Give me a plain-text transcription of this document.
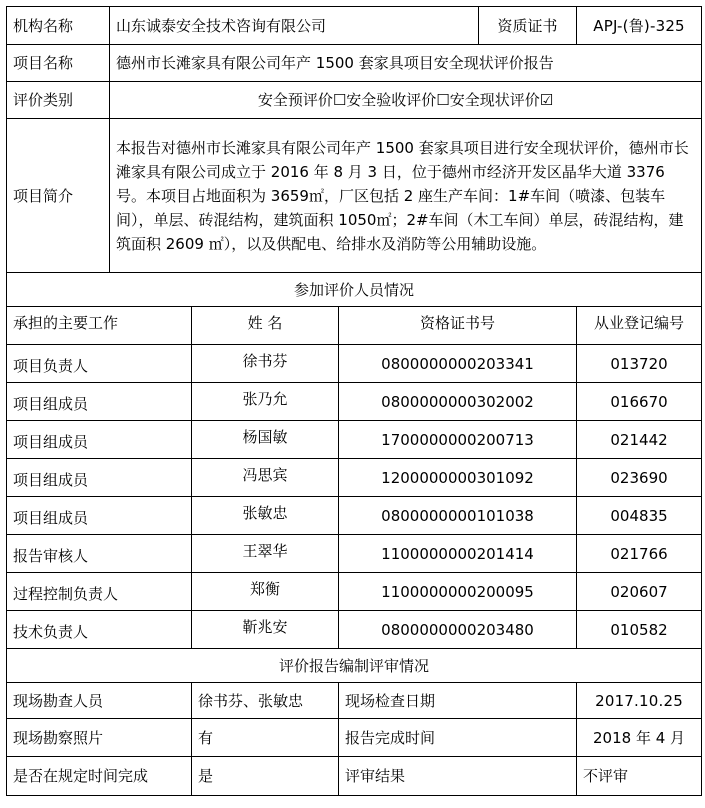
机构名称	山东诚泰安全技术咨询有限公司			资质证书	APJ-(鲁)-325
项目名称	德州市长滩家具有限公司年产 1500 套家具项目安全现状评价报告				
评价类别	安全预评价☐安全验收评价☐安全现状评价☑				
项目简介	本报告对德州市长滩家具有限公司年产 1500 套家具项目进行安全现状评价，德州市长滩家具有限公司成立于 2016 年 8 月 3 日，位于德州市经济开发区晶华大道 3376 号。本项目占地面积为 3659㎡，厂区包括 2 座生产车间：1#车间（喷漆、包装车间），单层、砖混结构，建筑面积 1050㎡；2#车间（木工车间）单层，砖混结构，建筑面积 2609 ㎡），以及供配电、给排水及消防等公用辅助设施。				
参加评价人员情况					
承担的主要工作		姓 名	资格证书号		从业登记编号
项目负责人		徐书芬	0800000000203341		013720
项目组成员		张乃允	0800000000302002		016670
项目组成员		杨国敏	1700000000200713		021442
项目组成员		冯思宾	1200000000301092		023690
项目组成员		张敏忠	0800000000101038		004835
报告审核人		王翠华	1100000000201414		021766
过程控制负责人		郑衡	1100000000200095		020607
技术负责人		靳兆安	0800000000203480		010582
评价报告编制评审情况					
现场勘查人员		徐书芬、张敏忠	现场检查日期		2017.10.25
现场勘察照片		有	报告完成时间		2018 年 4 月
是否在规定时间完成		是	评审结果		不评审
